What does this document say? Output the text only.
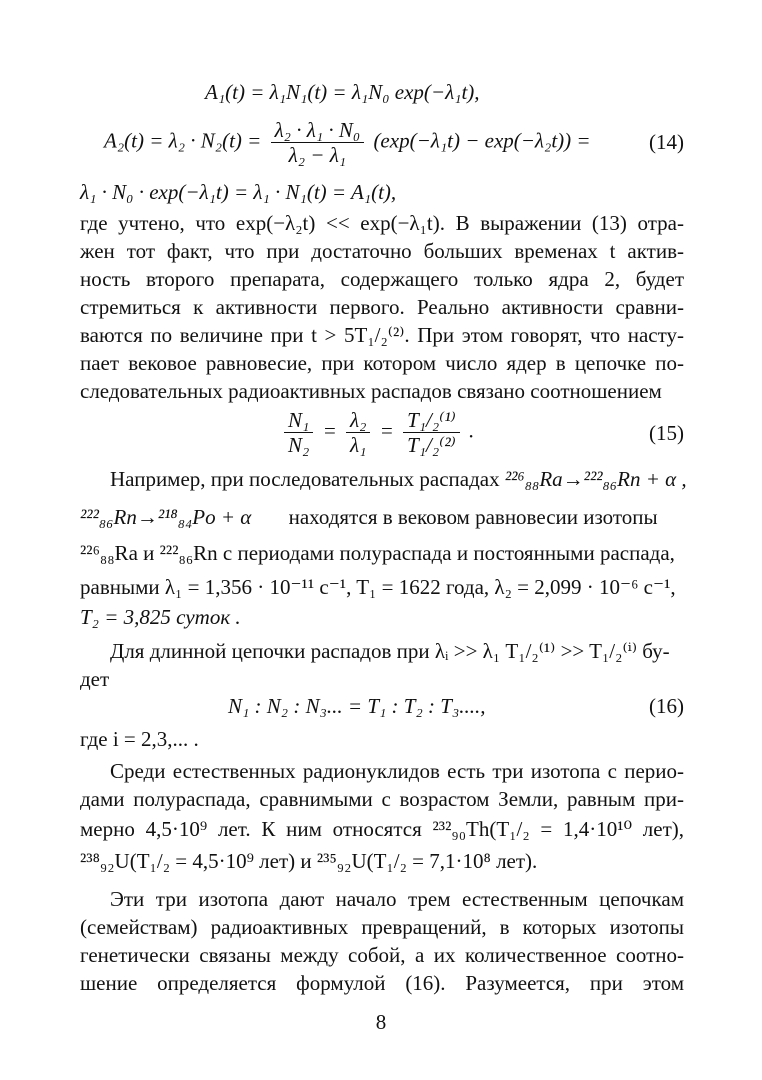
A₁(t) = λ₁N₁(t) = λ₁N₀ exp(−λ₁t),
$A_2(t) = \lambda_2 \cdot N_2(t) = \frac{\text{λ₂ · λ₁ · N₀}}{\text{λ₂ − λ₁}} (\exp(-\lambda_1t) - \exp(-\lambda_2t))$ =	(14)
λ₁ · N₀ · exp(−λ₁t) = λ₁ · N₁(t) = A₁(t),
где учтено, что exp(−λ₂t) << exp(−λ₁t). В выражении (13) отра-
жен тот факт, что при достаточно больших временах t актив-
ность второго препарата, содержащего только ядра 2, будет
стремиться к активности первого. Реально активности сравни-
ваются по величине при t > 5T₁/₂⁽²⁾. При этом говорят, что насту-
пает вековое равновесие, при котором число ядер в цепочке по-
следовательных радиоактивных распадов связано соотношением
$\frac{\text{N₁}}{\text{N₂}} = \frac{\text{λ₂}}{\text{λ₁}} = \frac{\text{T₁/₂⁽¹⁾}}{\text{T₁/₂⁽²⁾}}$ .	(15)
Например, при последовательных распадах ²²⁶₈₈Ra→²²²₈₆Rn + α ,
²²²₈₆Rn→²¹⁸₈₄Po + α находятся в вековом равновесии изотопы
²²⁶₈₈Ra и ²²²₈₆Rn с периодами полураспада и постоянными распада,
равными λ₁ = 1,356 · 10⁻¹¹ c⁻¹, T₁ = 1622 года, λ₂ = 2,099 · 10⁻⁶ c⁻¹,
T₂ = 3,825 суток .
Для длинной цепочки распадов при λᵢ >> λ₁ T₁/₂⁽¹⁾ >> T₁/₂⁽ⁱ⁾ бу-
дет
N₁ : N₂ : N₃... = T₁ : T₂ : T₃....,	(16)
где i = 2,3,... .
Среди естественных радионуклидов есть три изотопа с перио-
дами полураспада, сравнимыми с возрастом Земли, равным при-
мерно 4,5·10⁹ лет. К ним относятся ²³²₉₀Th(T₁/₂ = 1,4·10¹⁰ лет),
²³⁸₉₂U(T₁/₂ = 4,5·10⁹ лет) и ²³⁵₉₂U(T₁/₂ = 7,1·10⁸ лет).
Эти три изотопа дают начало трем естественным цепочкам
(семействам) радиоактивных превращений, в которых изотопы
генетически связаны между собой, а их количественное соотно-
шение определяется формулой (16). Разумеется, при этом
8
